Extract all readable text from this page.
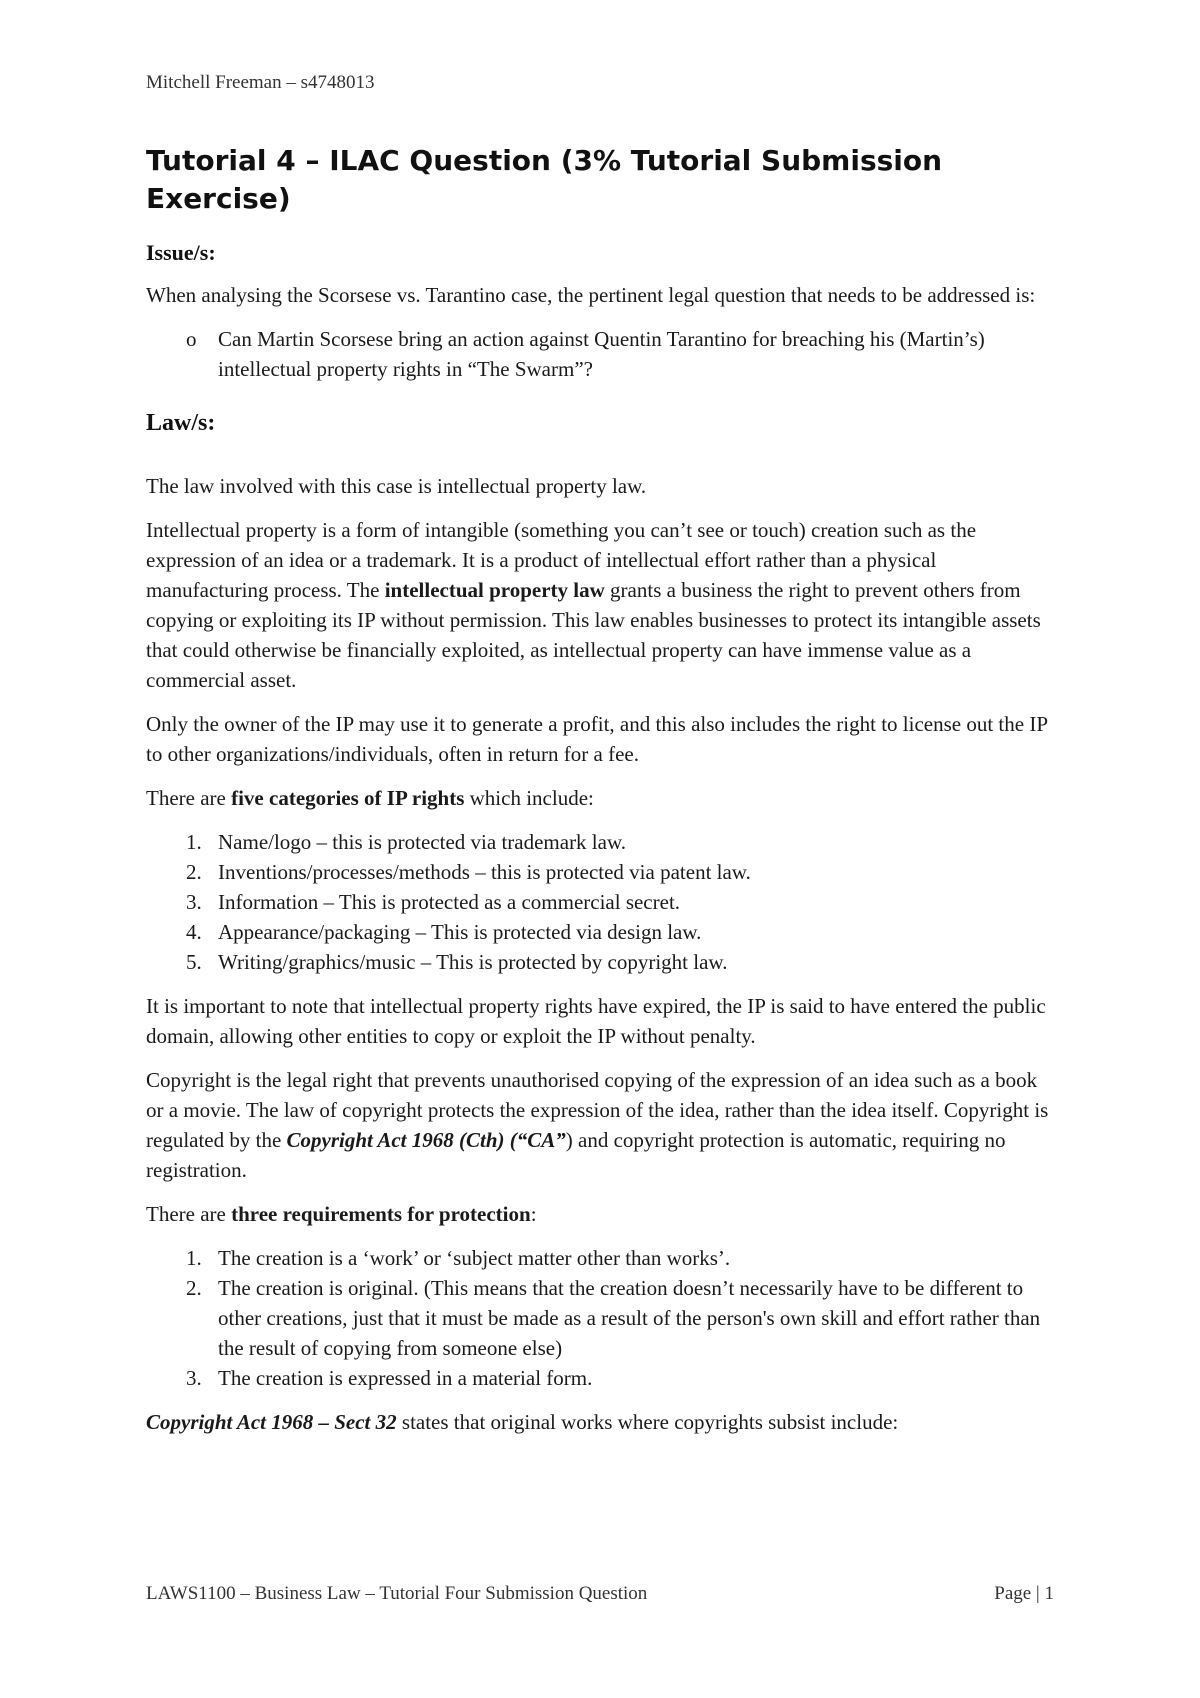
Mitchell Freeman – s4748013
Tutorial 4 – ILAC Question (3% Tutorial Submission Exercise)
Issue/s:

When analysing the Scorsese vs. Tarantino case, the pertinent legal question that needs to be addressed is:

o Can Martin Scorsese bring an action against Quentin Tarantino for breaching his (Martin’s) intellectual property rights in “The Swarm”?
Law/s:

The law involved with this case is intellectual property law.

Intellectual property is a form of intangible (something you can’t see or touch) creation such as the expression of an idea or a trademark. It is a product of intellectual effort rather than a physical manufacturing process. The intellectual property law grants a business the right to prevent others from copying or exploiting its IP without permission. This law enables businesses to protect its intangible assets that could otherwise be financially exploited, as intellectual property can have immense value as a commercial asset.

Only the owner of the IP may use it to generate a profit, and this also includes the right to license out the IP to other organizations/individuals, often in return for a fee.

There are five categories of IP rights which include:

1. Name/logo – this is protected via trademark law.
2. Inventions/processes/methods – this is protected via patent law.
3. Information – This is protected as a commercial secret.
4. Appearance/packaging – This is protected via design law.
5. Writing/graphics/music – This is protected by copyright law.

It is important to note that intellectual property rights have expired, the IP is said to have entered the public domain, allowing other entities to copy or exploit the IP without penalty.

Copyright is the legal right that prevents unauthorised copying of the expression of an idea such as a book or a movie. The law of copyright protects the expression of the idea, rather than the idea itself. Copyright is regulated by the Copyright Act 1968 (Cth) (“CA”) and copyright protection is automatic, requiring no registration.

There are three requirements for protection:

1. The creation is a ‘work’ or ‘subject matter other than works’.
2. The creation is original. (This means that the creation doesn’t necessarily have to be different to other creations, just that it must be made as a result of the person's own skill and effort rather than the result of copying from someone else)
3. The creation is expressed in a material form.

Copyright Act 1968 – Sect 32 states that original works where copyrights subsist include:

LAWS1100 – Business Law – Tutorial Four Submission Question	Page | 1
